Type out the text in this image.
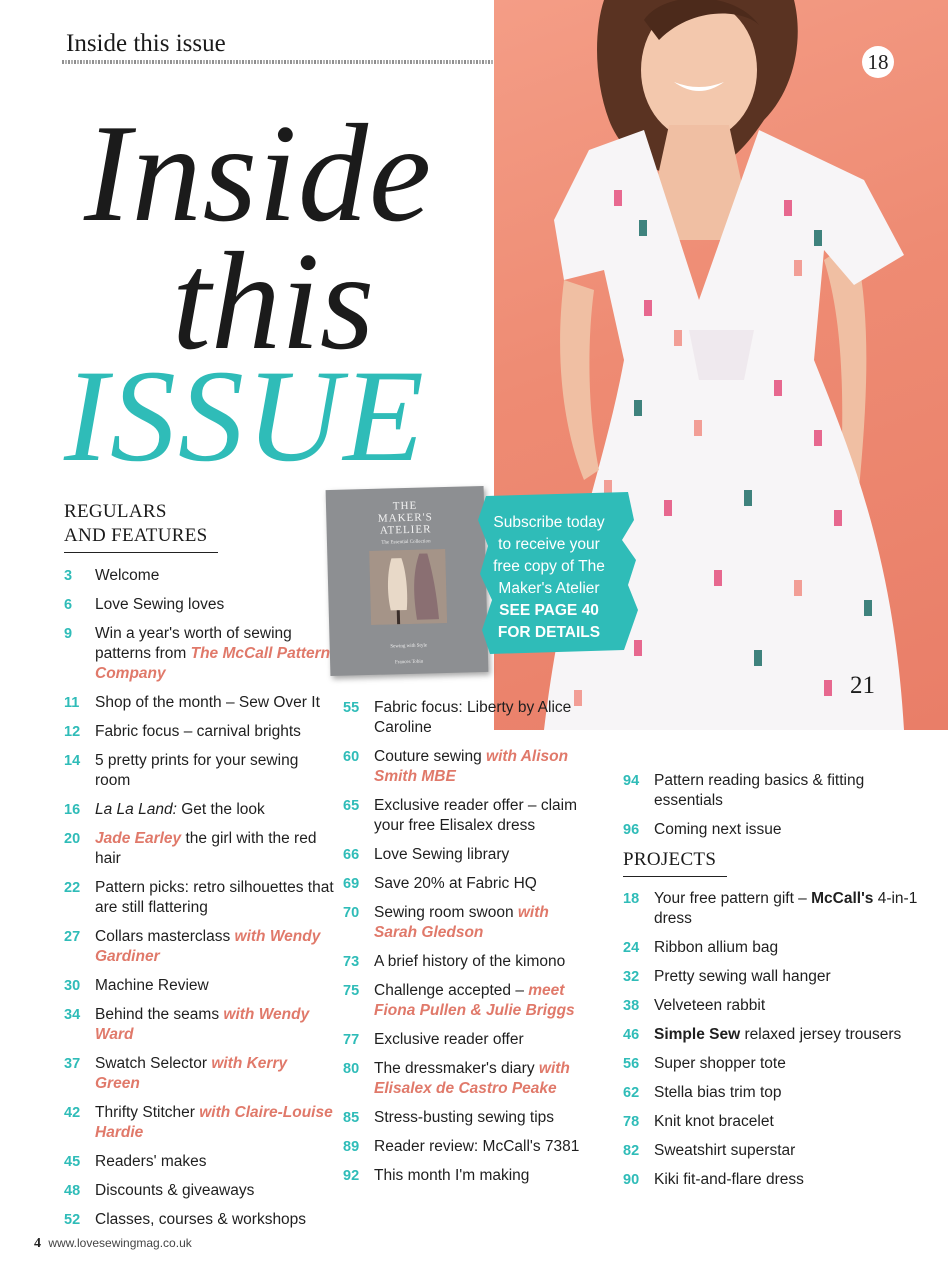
Inside this issue
Inside
this
ISSUE
18
21
THE
MAKER'S
ATELIER
The Essential Collection
Sewing with Style
Frances Tobin
Subscribe today
to receive your
free copy of The
Maker's Atelier
SEE PAGE 40
FOR DETAILS
REGULARS
AND FEATURES
3 Welcome
6 Love Sewing loves
9 Win a year's worth of sewing patterns from The McCall Pattern Company
11 Shop of the month – Sew Over It
12 Fabric focus – carnival brights
14 5 pretty prints for your sewing room
16 La La Land: Get the look
20 Jade Earley the girl with the red hair
22 Pattern picks: retro silhouettes that are still flattering
27 Collars masterclass with Wendy Gardiner
30 Machine Review
34 Behind the seams with Wendy Ward
37 Swatch Selector with Kerry Green
42 Thrifty Stitcher with Claire-Louise Hardie
45 Readers' makes
48 Discounts & giveaways
52 Classes, courses & workshops
55 Fabric focus: Liberty by Alice Caroline
60 Couture sewing with Alison Smith MBE
65 Exclusive reader offer – claim your free Elisalex dress
66 Love Sewing library
69 Save 20% at Fabric HQ
70 Sewing room swoon with Sarah Gledson
73 A brief history of the kimono
75 Challenge accepted – meet Fiona Pullen & Julie Briggs
77 Exclusive reader offer
80 The dressmaker's diary with Elisalex de Castro Peake
85 Stress-busting sewing tips
89 Reader review: McCall's 7381
92 This month I'm making
94 Pattern reading basics & fitting essentials
96 Coming next issue
PROJECTS
18 Your free pattern gift – McCall's 4-in-1 dress
24 Ribbon allium bag
32 Pretty sewing wall hanger
38 Velveteen rabbit
46 Simple Sew relaxed jersey trousers
56 Super shopper tote
62 Stella bias trim top
78 Knit knot bracelet
82 Sweatshirt superstar
90 Kiki fit-and-flare dress
4 www.lovesewingmag.co.uk
